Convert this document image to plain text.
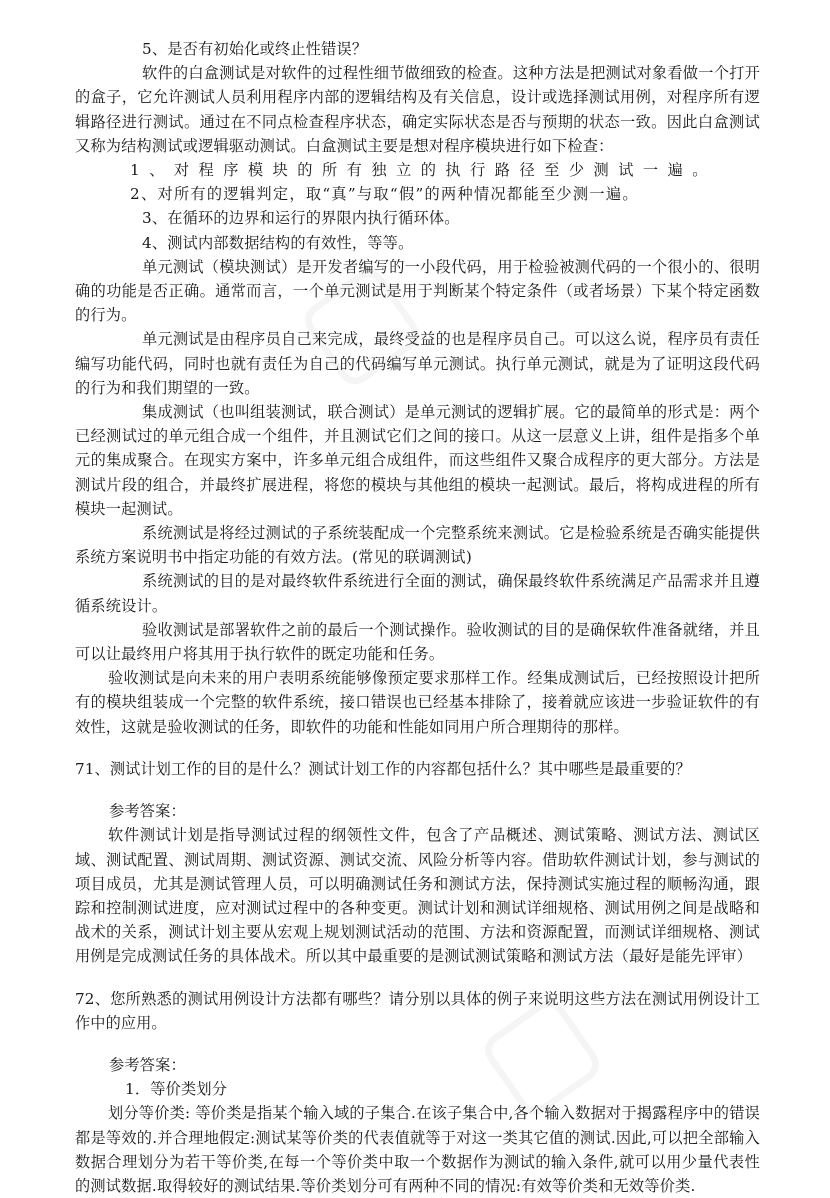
5、是否有初始化或终止性错误？

软件的白盒测试是对软件的过程性细节做细致的检查。这种方法是把测试对象看做一个打开的盒子，它允许测试人员利用程序内部的逻辑结构及有关信息，设计或选择测试用例，对程序所有逻辑路径进行测试。通过在不同点检查程序状态，确定实际状态是否与预期的状态一致。因此白盒测试又称为结构测试或逻辑驱动测试。白盒测试主要是想对程序模块进行如下检查：

1、对程序模块的所有独立的执行路径至少测试一遍。

2、对所有的逻辑判定，取“真”与取“假”的两种情况都能至少测一遍。

3、在循环的边界和运行的界限内执行循环体。

4、测试内部数据结构的有效性，等等。

单元测试（模块测试）是开发者编写的一小段代码，用于检验被测代码的一个很小的、很明确的功能是否正确。通常而言，一个单元测试是用于判断某个特定条件（或者场景）下某个特定函数的行为。

单元测试是由程序员自己来完成，最终受益的也是程序员自己。可以这么说，程序员有责任编写功能代码，同时也就有责任为自己的代码编写单元测试。执行单元测试，就是为了证明这段代码的行为和我们期望的一致。

集成测试（也叫组装测试，联合测试）是单元测试的逻辑扩展。它的最简单的形式是：两个已经测试过的单元组合成一个组件，并且测试它们之间的接口。从这一层意义上讲，组件是指多个单元的集成聚合。在现实方案中，许多单元组合成组件，而这些组件又聚合成程序的更大部分。方法是测试片段的组合，并最终扩展进程，将您的模块与其他组的模块一起测试。最后，将构成进程的所有模块一起测试。

系统测试是将经过测试的子系统装配成一个完整系统来测试。它是检验系统是否确实能提供系统方案说明书中指定功能的有效方法。(常见的联调测试)

系统测试的目的是对最终软件系统进行全面的测试，确保最终软件系统满足产品需求并且遵循系统设计。

验收测试是部署软件之前的最后一个测试操作。验收测试的目的是确保软件准备就绪，并且可以让最终用户将其用于执行软件的既定功能和任务。

验收测试是向未来的用户表明系统能够像预定要求那样工作。经集成测试后，已经按照设计把所有的模块组装成一个完整的软件系统，接口错误也已经基本排除了，接着就应该进一步验证软件的有效性，这就是验收测试的任务，即软件的功能和性能如同用户所合理期待的那样。

71、测试计划工作的目的是什么？测试计划工作的内容都包括什么？其中哪些是最重要的？

参考答案：

软件测试计划是指导测试过程的纲领性文件，包含了产品概述、测试策略、测试方法、测试区域、测试配置、测试周期、测试资源、测试交流、风险分析等内容。借助软件测试计划，参与测试的项目成员，尤其是测试管理人员，可以明确测试任务和测试方法，保持测试实施过程的顺畅沟通，跟踪和控制测试进度，应对测试过程中的各种变更。测试计划和测试详细规格、测试用例之间是战略和战术的关系，测试计划主要从宏观上规划测试活动的范围、方法和资源配置，而测试详细规格、测试用例是完成测试任务的具体战术。所以其中最重要的是测试测试策略和测试方法（最好是能先评审）

72、您所熟悉的测试用例设计方法都有哪些？请分别以具体的例子来说明这些方法在测试用例设计工作中的应用。

参考答案：

1．等价类划分

划分等价类: 等价类是指某个输入域的子集合.在该子集合中,各个输入数据对于揭露程序中的错误都是等效的.并合理地假定:测试某等价类的代表值就等于对这一类其它值的测试.因此,可以把全部输入数据合理划分为若干等价类,在每一个等价类中取一个数据作为测试的输入条件,就可以用少量代表性的测试数据.取得较好的测试结果.等价类划分可有两种不同的情况:有效等价类和无效等价类.
